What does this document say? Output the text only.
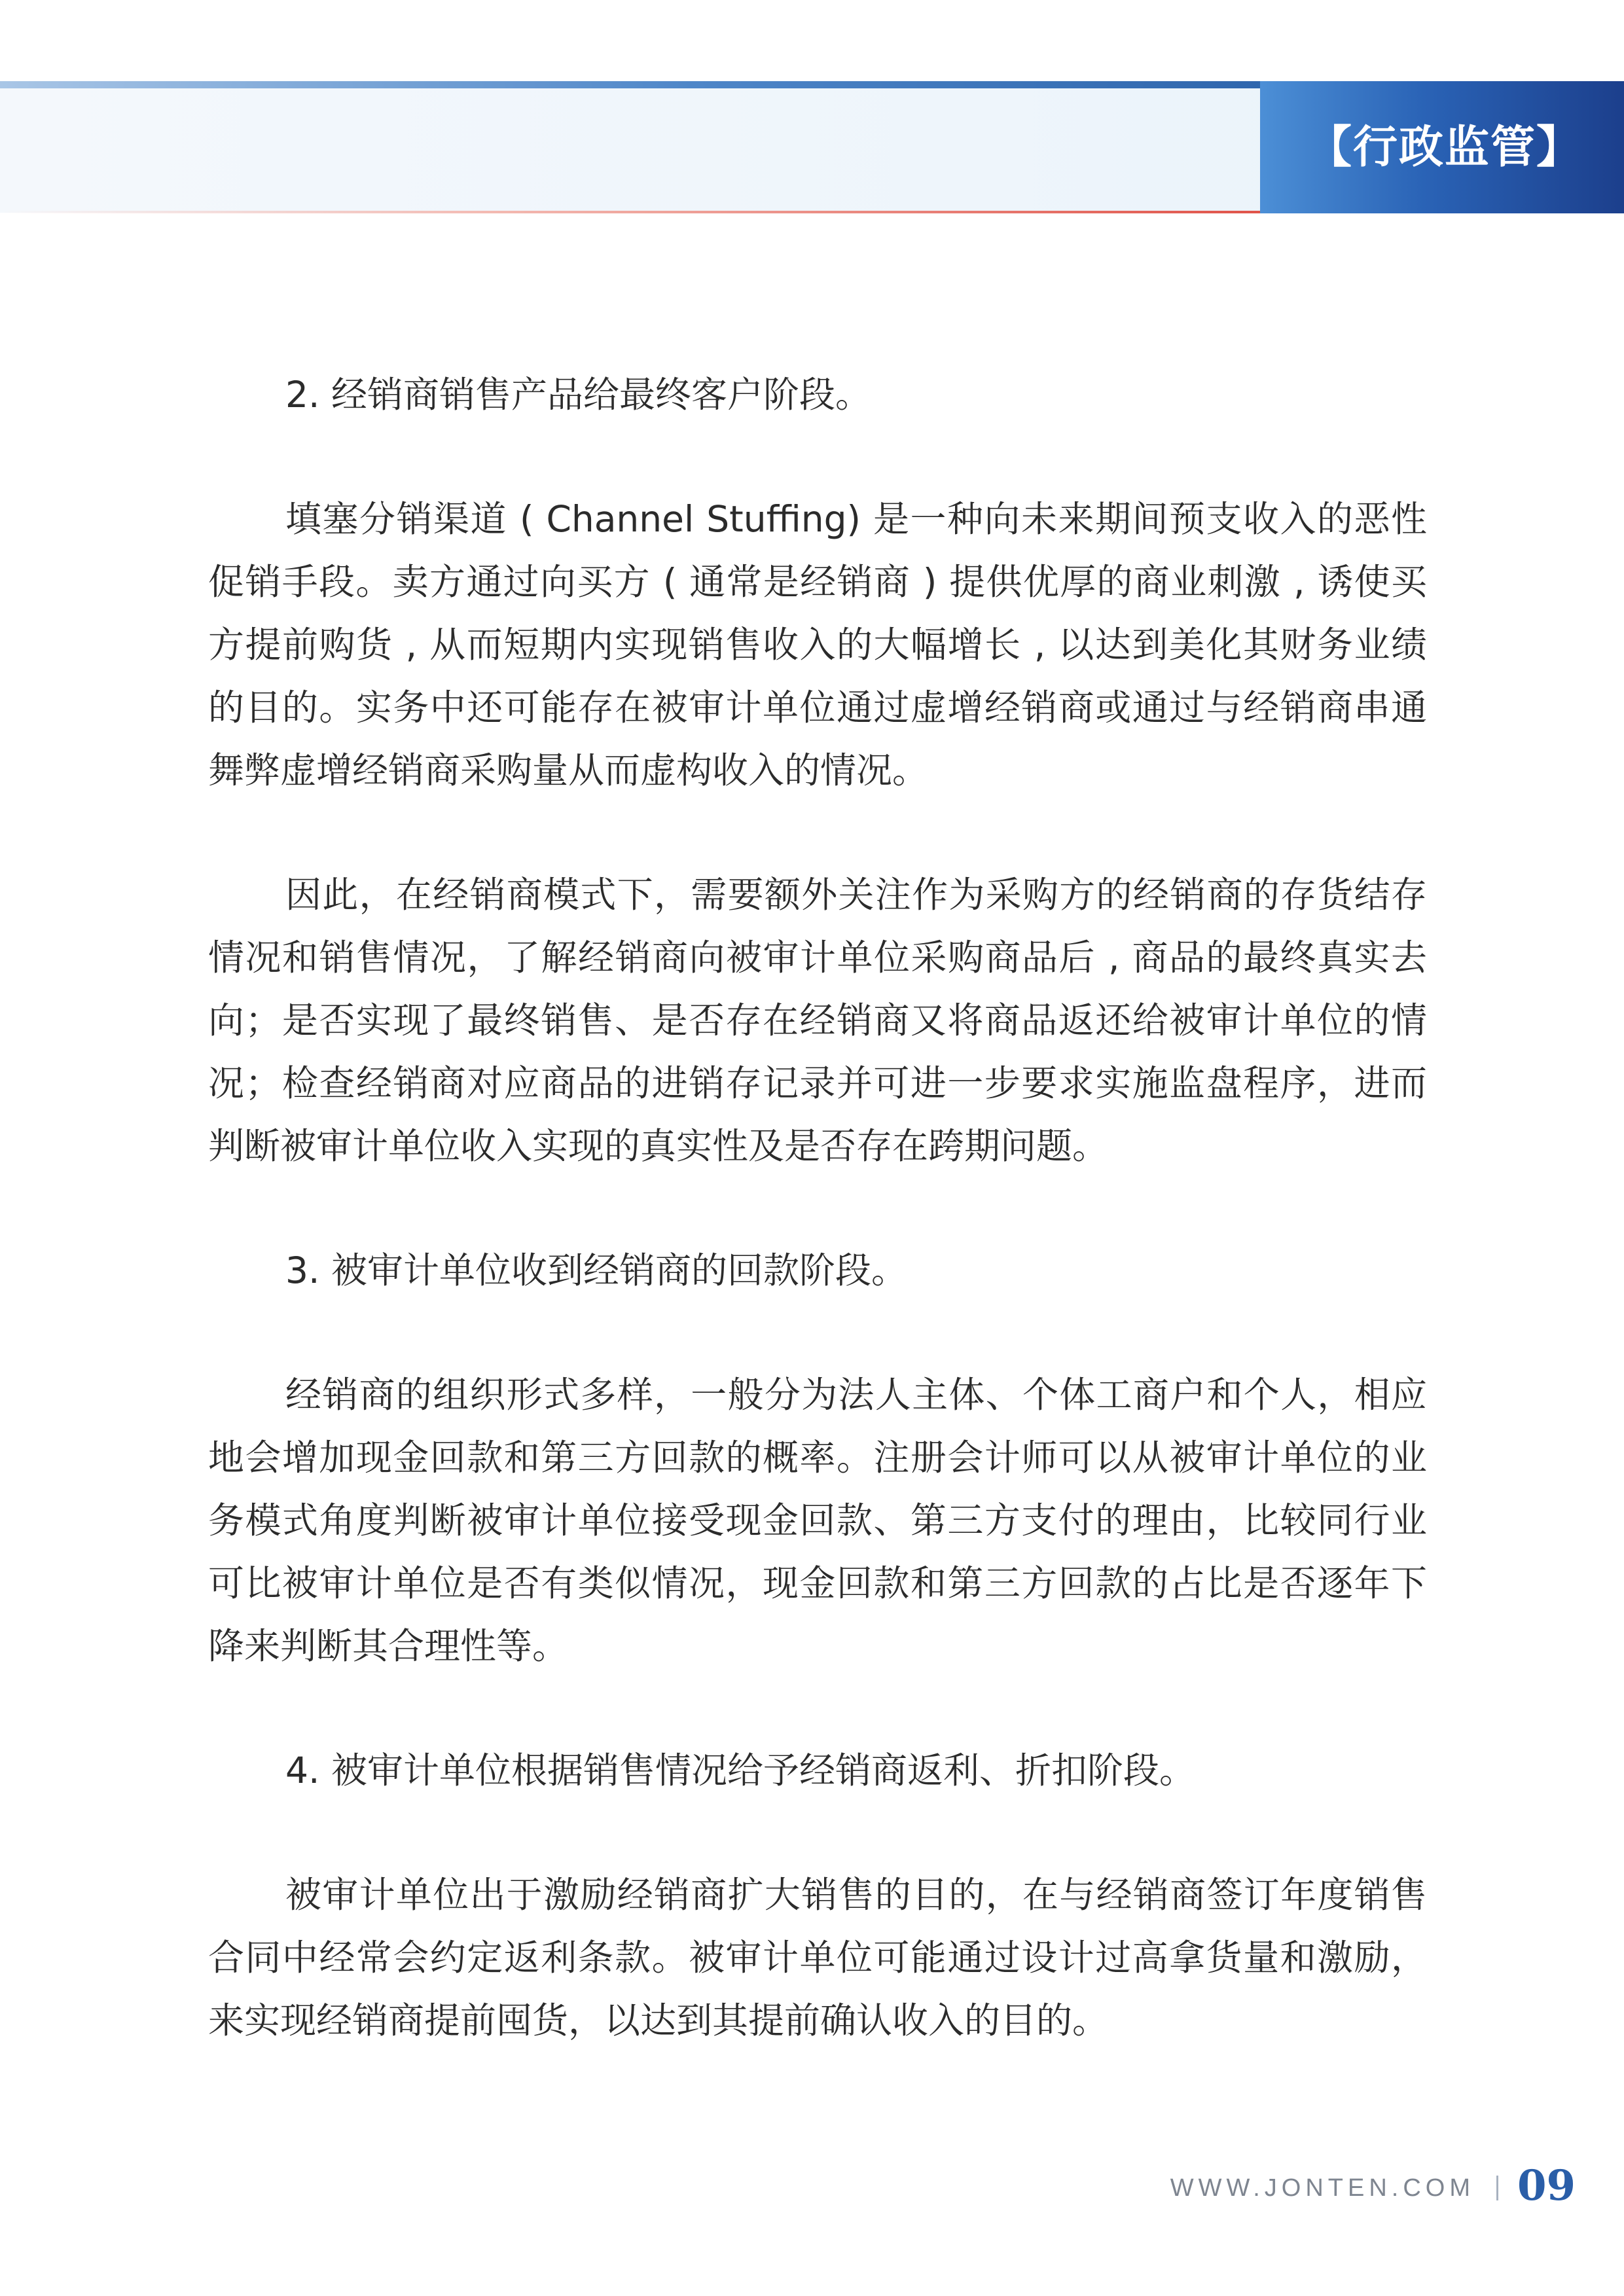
【行政监管】

2. 经销商销售产品给最终客户阶段。

填塞分销渠道 ( Channel Stuffing) 是一种向未来期间预支收入的恶性促销手段。卖方通过向买方 ( 通常是经销商 ) 提供优厚的商业刺激 , 诱使买方提前购货 , 从而短期内实现销售收入的大幅增长 , 以达到美化其财务业绩的目的。实务中还可能存在被审计单位通过虚增经销商或通过与经销商串通舞弊虚增经销商采购量从而虚构收入的情况。

因此，在经销商模式下，需要额外关注作为采购方的经销商的存货结存情况和销售情况，了解经销商向被审计单位采购商品后 , 商品的最终真实去向；是否实现了最终销售、是否存在经销商又将商品返还给被审计单位的情况；检查经销商对应商品的进销存记录并可进一步要求实施监盘程序，进而判断被审计单位收入实现的真实性及是否存在跨期问题。

3. 被审计单位收到经销商的回款阶段。

经销商的组织形式多样，一般分为法人主体、个体工商户和个人，相应地会增加现金回款和第三方回款的概率。注册会计师可以从被审计单位的业务模式角度判断被审计单位接受现金回款、第三方支付的理由，比较同行业可比被审计单位是否有类似情况，现金回款和第三方回款的占比是否逐年下降来判断其合理性等。

4. 被审计单位根据销售情况给予经销商返利、折扣阶段。

被审计单位出于激励经销商扩大销售的目的，在与经销商签订年度销售合同中经常会约定返利条款。被审计单位可能通过设计过高拿货量和激励，来实现经销商提前囤货，以达到其提前确认收入的目的。

WWW.JONTEN.COM 09
